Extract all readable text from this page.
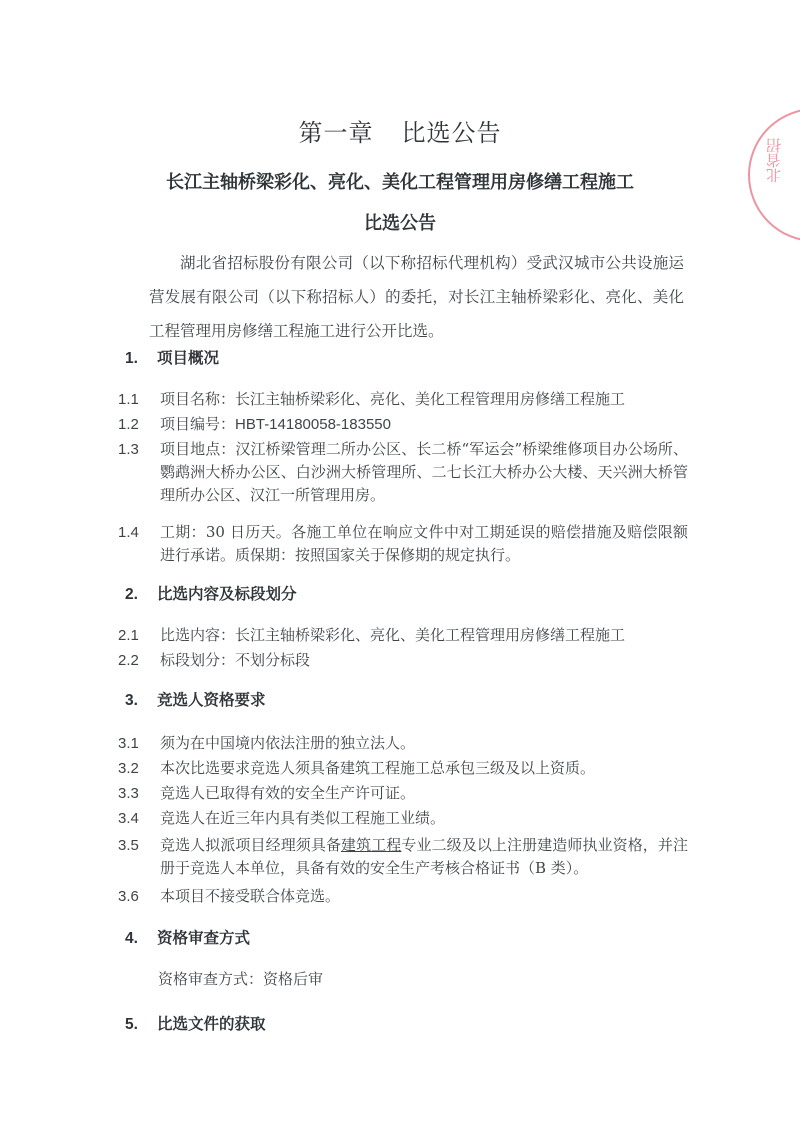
北省招
第一章 比选公告
长江主轴桥梁彩化、亮化、美化工程管理用房修缮工程施工
比选公告
湖北省招标股份有限公司（以下称招标代理机构）受武汉城市公共设施运营发展有限公司（以下称招标人）的委托，对长江主轴桥梁彩化、亮化、美化工程管理用房修缮工程施工进行公开比选。
1. 项目概况
1.1	项目名称：长江主轴桥梁彩化、亮化、美化工程管理用房修缮工程施工
1.2	项目编号：HBT-14180058-183550
1.3	项目地点：汉江桥梁管理二所办公区、长二桥“军运会”桥梁维修项目办公场所、鹦鹉洲大桥办公区、白沙洲大桥管理所、二七长江大桥办公大楼、天兴洲大桥管理所办公区、汉江一所管理用房。
1.4	工期：30 日历天。各施工单位在响应文件中对工期延误的赔偿措施及赔偿限额进行承诺。质保期：按照国家关于保修期的规定执行。
2. 比选内容及标段划分
2.1	比选内容：长江主轴桥梁彩化、亮化、美化工程管理用房修缮工程施工
2.2	标段划分：不划分标段
3. 竞选人资格要求
3.1	须为在中国境内依法注册的独立法人。
3.2	本次比选要求竞选人须具备建筑工程施工总承包三级及以上资质。
3.3	竞选人已取得有效的安全生产许可证。
3.4	竞选人在近三年内具有类似工程施工业绩。
3.5	竞选人拟派项目经理须具备建筑工程专业二级及以上注册建造师执业资格，并注册于竞选人本单位，具备有效的安全生产考核合格证书（B 类）。
3.6	本项目不接受联合体竞选。
4. 资格审查方式
资格审查方式：资格后审
5. 比选文件的获取
